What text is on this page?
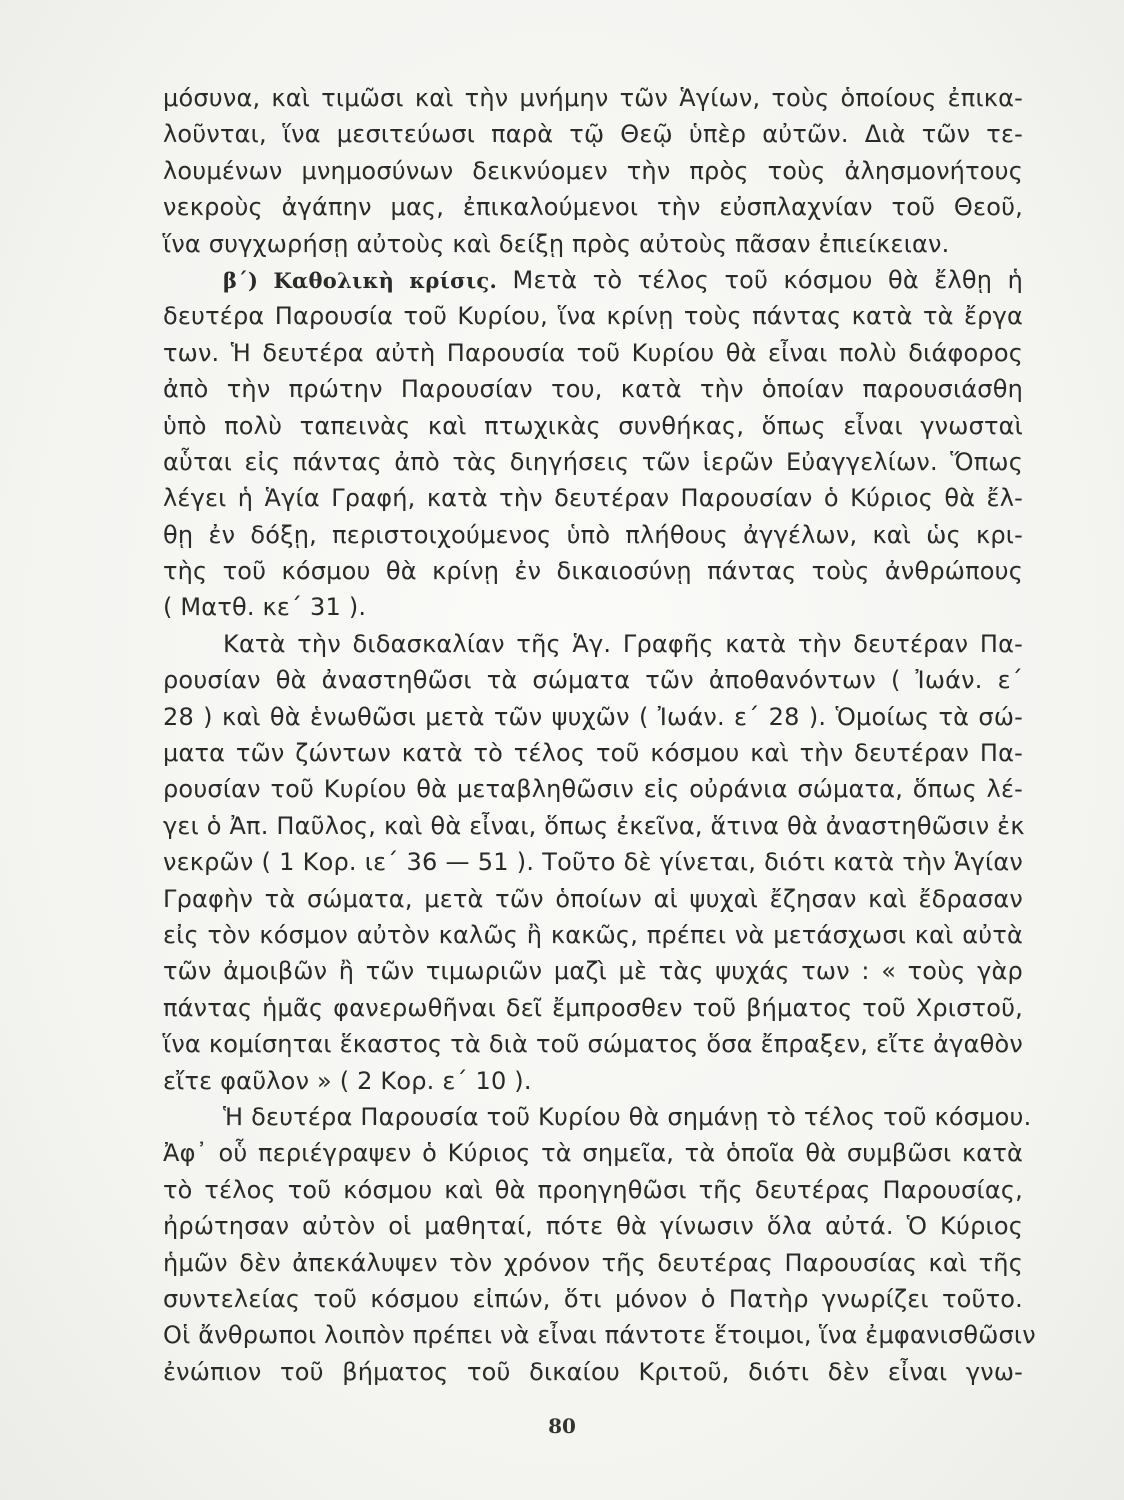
μόσυνα, καὶ τιμῶσι καὶ τὴν μνήμην τῶν Ἁγίων, τοὺς ὁποίους ἐπικα-
λοῦνται, ἵνα μεσιτεύωσι παρὰ τῷ Θεῷ ὑπὲρ αὐτῶν. Διὰ τῶν τε-
λουμένων μνημοσύνων δεικνύομεν τὴν πρὸς τοὺς ἀλησμονήτους
νεκροὺς ἀγάπην μας, ἐπικαλούμενοι τὴν εὐσπλαχνίαν τοῦ Θεοῦ,
ἵνα συγχωρήσῃ αὐτοὺς καὶ δείξῃ πρὸς αὐτοὺς πᾶσαν ἐπιείκειαν.
β΄) Καθολικὴ κρίσις. Μετὰ τὸ τέλος τοῦ κόσμου θὰ ἔλθῃ ἡ
δευτέρα Παρουσία τοῦ Κυρίου, ἵνα κρίνῃ τοὺς πάντας κατὰ τὰ ἔργα
των. Ἡ δευτέρα αὐτὴ Παρουσία τοῦ Κυρίου θὰ εἶναι πολὺ διάφορος
ἀπὸ τὴν πρώτην Παρουσίαν του, κατὰ τὴν ὁποίαν παρουσιάσθη
ὑπὸ πολὺ ταπεινὰς καὶ πτωχικὰς συνθήκας, ὅπως εἶναι γνωσταὶ
αὗται εἰς πάντας ἀπὸ τὰς διηγήσεις τῶν ἱερῶν Εὐαγγελίων. Ὅπως
λέγει ἡ Ἁγία Γραφή, κατὰ τὴν δευτέραν Παρουσίαν ὁ Κύριος θὰ ἔλ-
θῃ ἐν δόξῃ, περιστοιχούμενος ὑπὸ πλήθους ἀγγέλων, καὶ ὡς κρι-
τὴς τοῦ κόσμου θὰ κρίνῃ ἐν δικαιοσύνῃ πάντας τοὺς ἀνθρώπους
( Ματθ. κε΄ 31 ).
Κατὰ τὴν διδασκαλίαν τῆς Ἁγ. Γραφῆς κατὰ τὴν δευτέραν Πα-
ρουσίαν θὰ ἀναστηθῶσι τὰ σώματα τῶν ἀποθανόντων ( Ἰωάν. ε΄
28 ) καὶ θὰ ἑνωθῶσι μετὰ τῶν ψυχῶν ( Ἰωάν. ε΄ 28 ). Ὁμοίως τὰ σώ-
ματα τῶν ζώντων κατὰ τὸ τέλος τοῦ κόσμου καὶ τὴν δευτέραν Πα-
ρουσίαν τοῦ Κυρίου θὰ μεταβληθῶσιν εἰς οὐράνια σώματα, ὅπως λέ-
γει ὁ Ἀπ. Παῦλος, καὶ θὰ εἶναι, ὅπως ἐκεῖνα, ἅτινα θὰ ἀναστηθῶσιν ἐκ
νεκρῶν ( 1 Κορ. ιε΄ 36 — 51 ). Τοῦτο δὲ γίνεται, διότι κατὰ τὴν Ἁγίαν
Γραφὴν τὰ σώματα, μετὰ τῶν ὁποίων αἱ ψυχαὶ ἔζησαν καὶ ἔδρασαν
εἰς τὸν κόσμον αὐτὸν καλῶς ἢ κακῶς, πρέπει νὰ μετάσχωσι καὶ αὐτὰ
τῶν ἀμοιβῶν ἢ τῶν τιμωριῶν μαζὶ μὲ τὰς ψυχάς των : « τοὺς γὰρ
πάντας ἡμᾶς φανερωθῆναι δεῖ ἔμπροσθεν τοῦ βήματος τοῦ Χριστοῦ,
ἵνα κομίσηται ἕκαστος τὰ διὰ τοῦ σώματος ὅσα ἔπραξεν, εἴτε ἀγαθὸν
εἴτε φαῦλον » ( 2 Κορ. ε΄ 10 ).
Ἡ δευτέρα Παρουσία τοῦ Κυρίου θὰ σημάνῃ τὸ τέλος τοῦ κόσμου.
Ἀφ᾽ οὗ περιέγραψεν ὁ Κύριος τὰ σημεῖα, τὰ ὁποῖα θὰ συμβῶσι κατὰ
τὸ τέλος τοῦ κόσμου καὶ θὰ προηγηθῶσι τῆς δευτέρας Παρουσίας,
ἠρώτησαν αὐτὸν οἱ μαθηταί, πότε θὰ γίνωσιν ὅλα αὐτά. Ὁ Κύριος
ἡμῶν δὲν ἀπεκάλυψεν τὸν χρόνον τῆς δευτέρας Παρουσίας καὶ τῆς
συντελείας τοῦ κόσμου εἰπών, ὅτι μόνον ὁ Πατὴρ γνωρίζει τοῦτο.
Οἱ ἄνθρωποι λοιπὸν πρέπει νὰ εἶναι πάντοτε ἕτοιμοι, ἵνα ἐμφανισθῶσιν
ἐνώπιον τοῦ βήματος τοῦ δικαίου Κριτοῦ, διότι δὲν εἶναι γνω-
80
